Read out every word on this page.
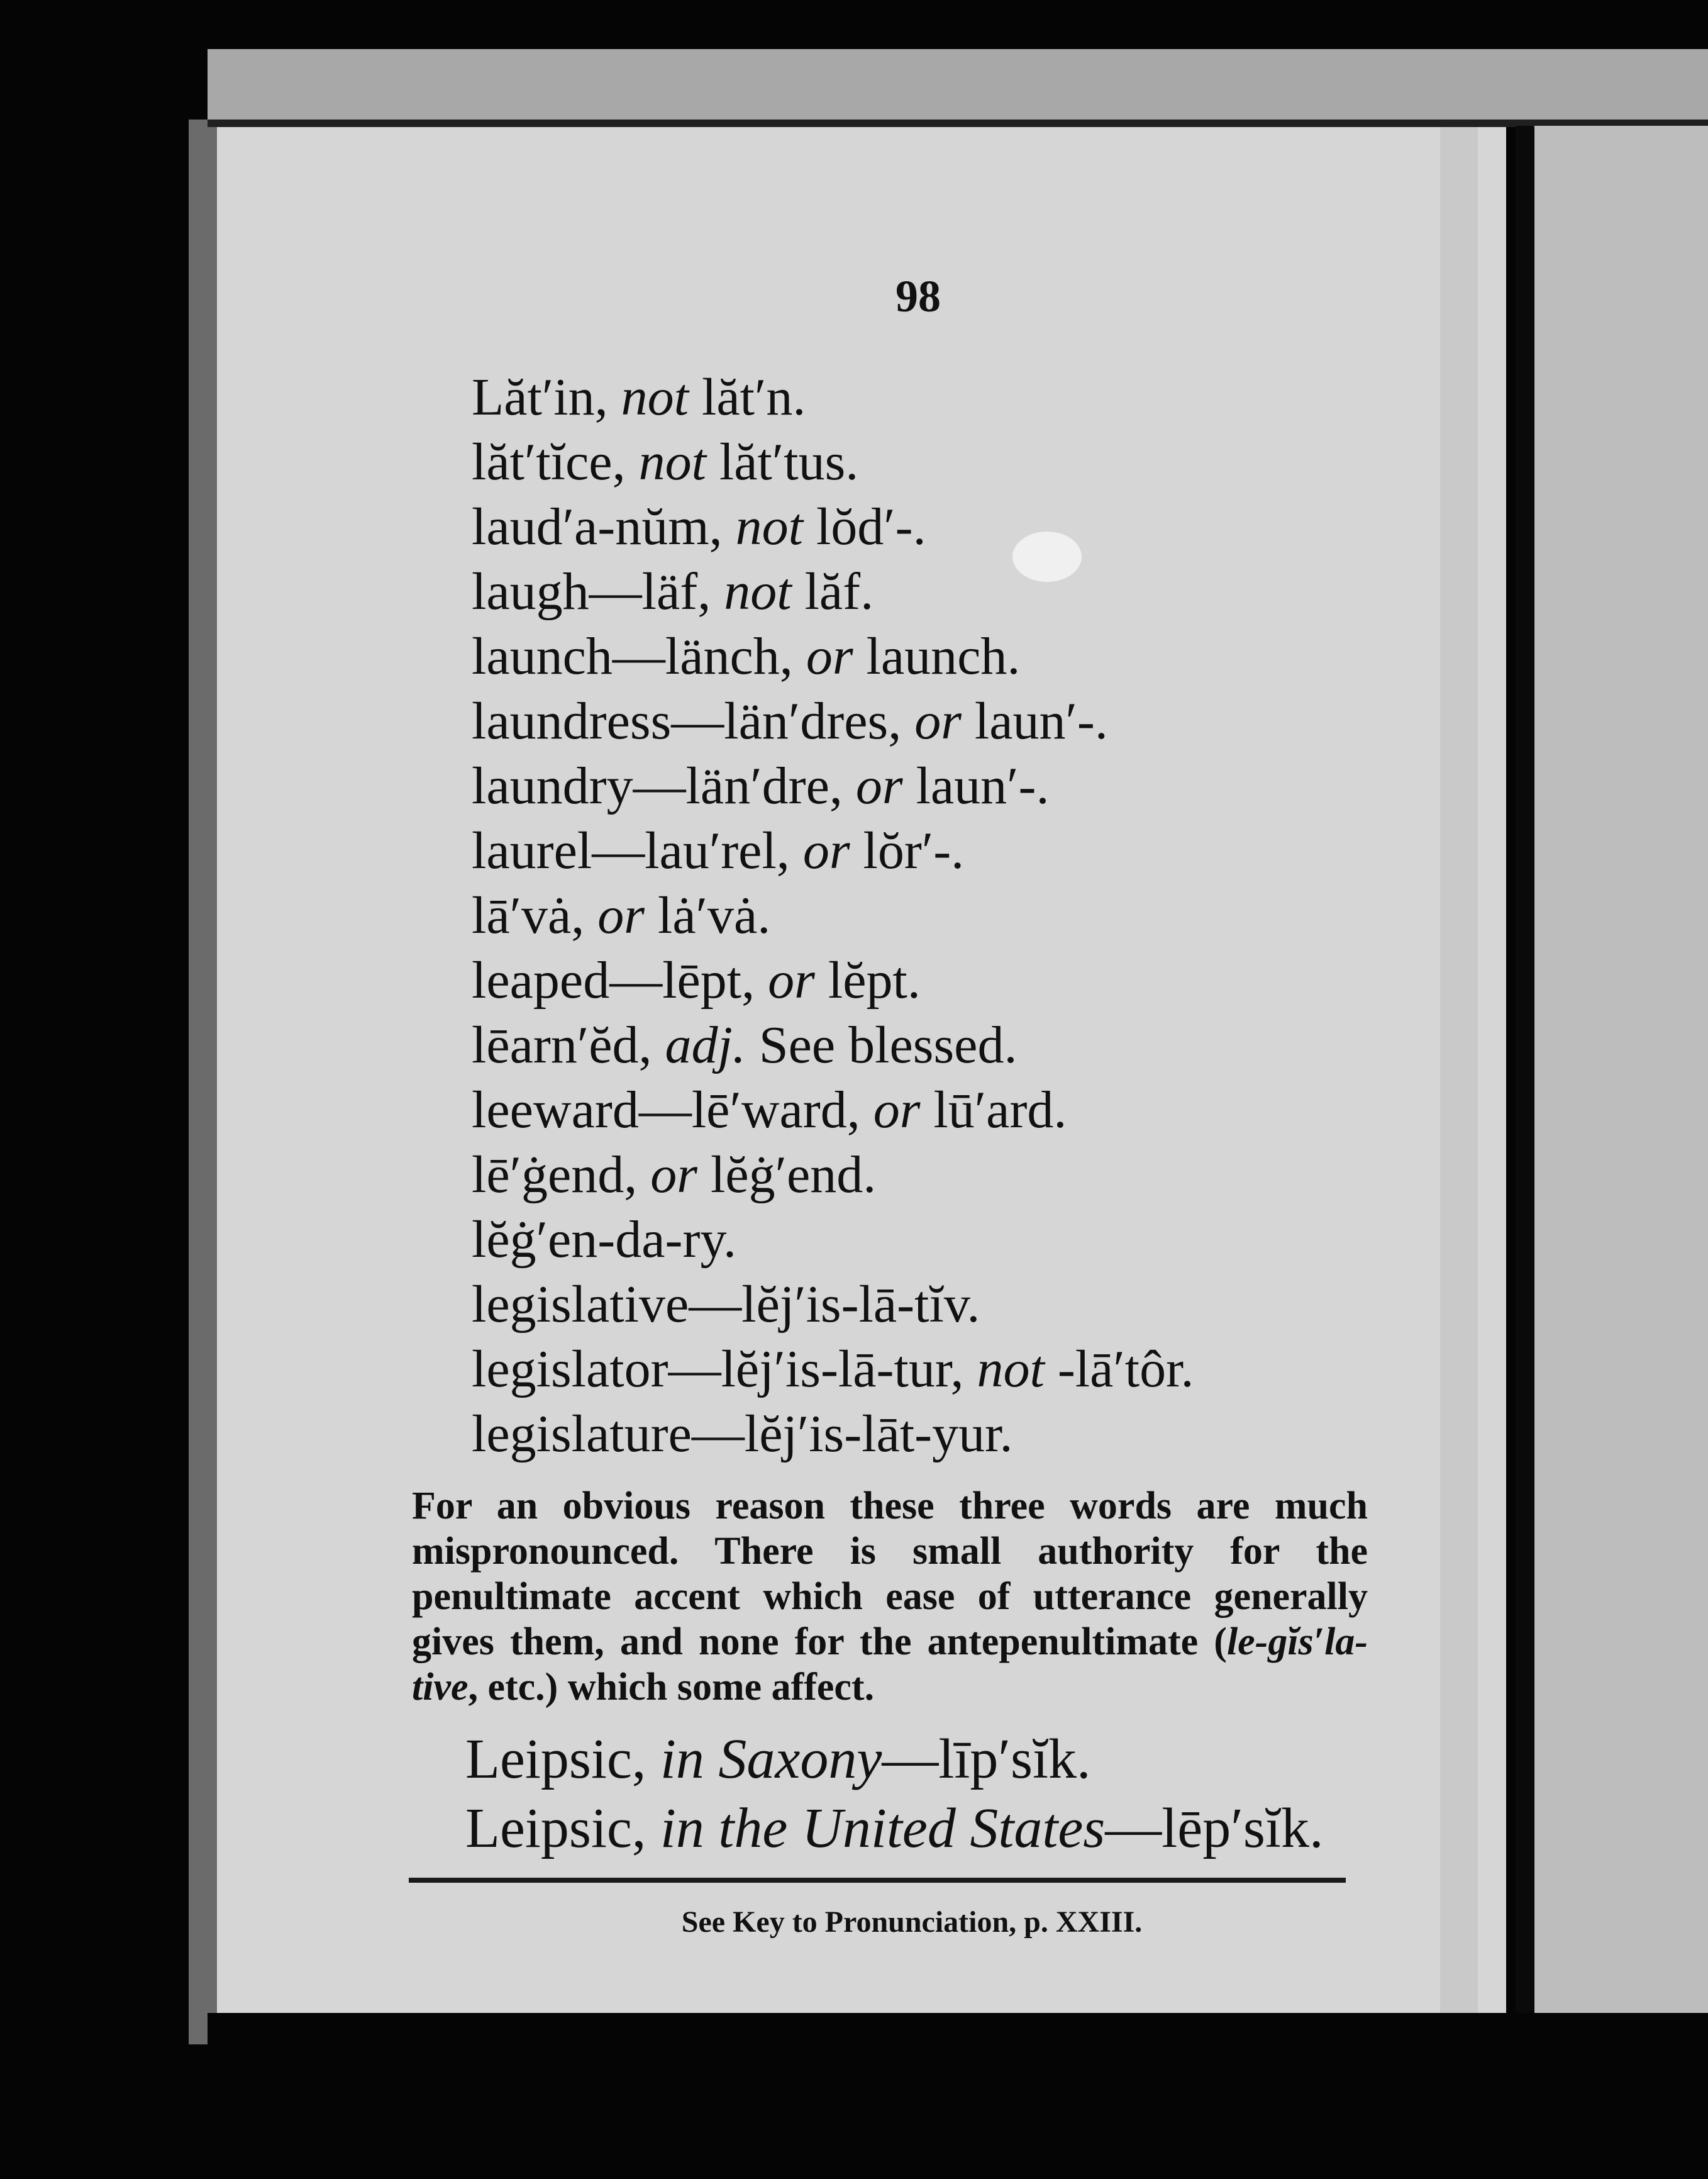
98
Lăt′in, not lăt′n.
lăt′tĭce, not lăt′tus.
laud′a-nŭm, not lŏd′-.
laugh—läf, not lăf.
launch—länch, or launch.
laundress—län′dres, or laun′-.
laundry—län′dre, or laun′-.
laurel—lau′rel, or lŏr′-.
lā′vȧ, or lȧ′vȧ.
leaped—lēpt, or lĕpt.
lēarn′ĕd, adj. See blessed.
leeward—lē′ward, or lū′ard.
lē′ġend, or lĕġ′end.
lĕġ′en-da-ry.
legislative—lĕj′is-lā-tĭv.
legislator—lĕj′is-lā-tur, not -lā′tôr.
legislature—lĕj′is-lāt-yur.
For an obvious reason these three words are much mispronounced. There is small authority for the penultimate accent which ease of utterance generally gives them, and none for the antepenultimate (le-gĭs′la-tive, etc.) which some affect.
Leipsic, in Saxony—līp′sĭk.
Leipsic, in the United States—lēp′sĭk.
See Key to Pronunciation, p. XXIII.
